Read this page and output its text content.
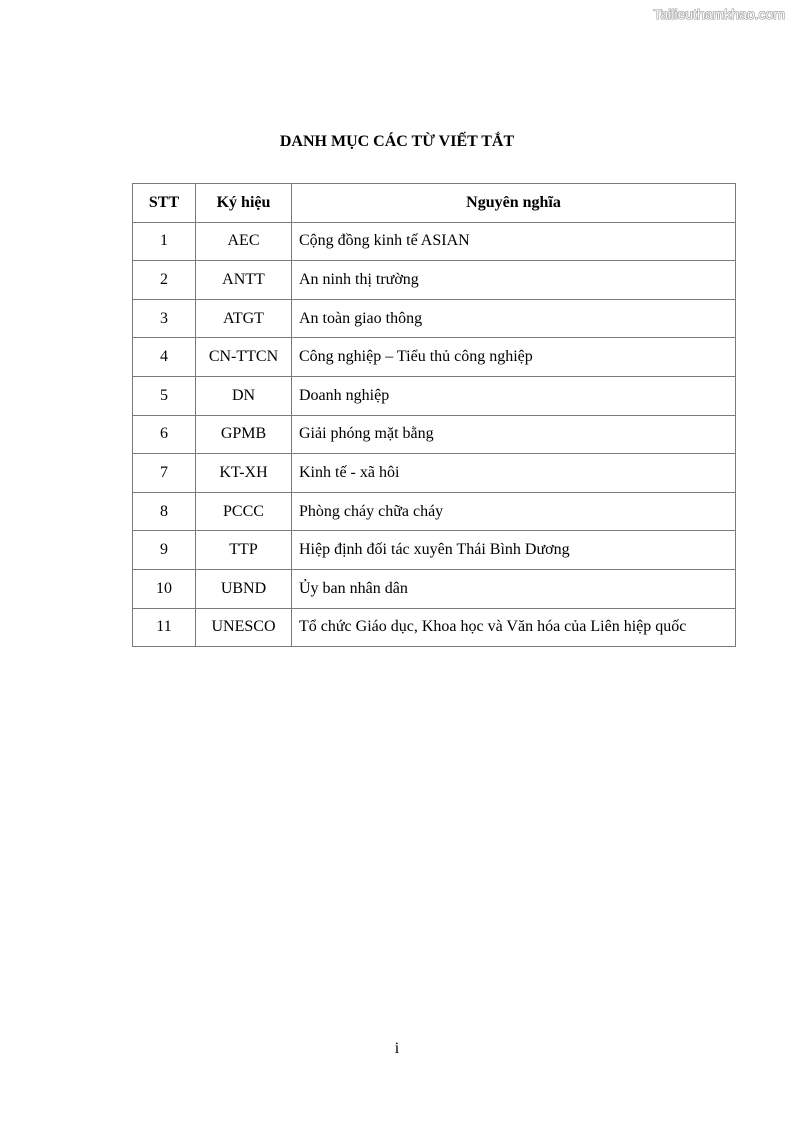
Tailieuthamkhao.com
DANH MỤC CÁC TỪ VIẾT TẮT
STT	Ký hiệu	Nguyên nghĩa
1	AEC	Cộng đồng kinh tế ASIAN
2	ANTT	An ninh thị trường
3	ATGT	An toàn giao thông
4	CN-TTCN	Công nghiệp – Tiểu thủ công nghiệp
5	DN	Doanh nghiệp
6	GPMB	Giải phóng mặt bằng
7	KT-XH	Kinh tế - xã hôi
8	PCCC	Phòng cháy chữa cháy
9	TTP	Hiệp định đối tác xuyên Thái Bình Dương
10	UBND	Ủy ban nhân dân
11	UNESCO	Tổ chức Giáo dục, Khoa học và Văn hóa của Liên hiệp quốc
i
